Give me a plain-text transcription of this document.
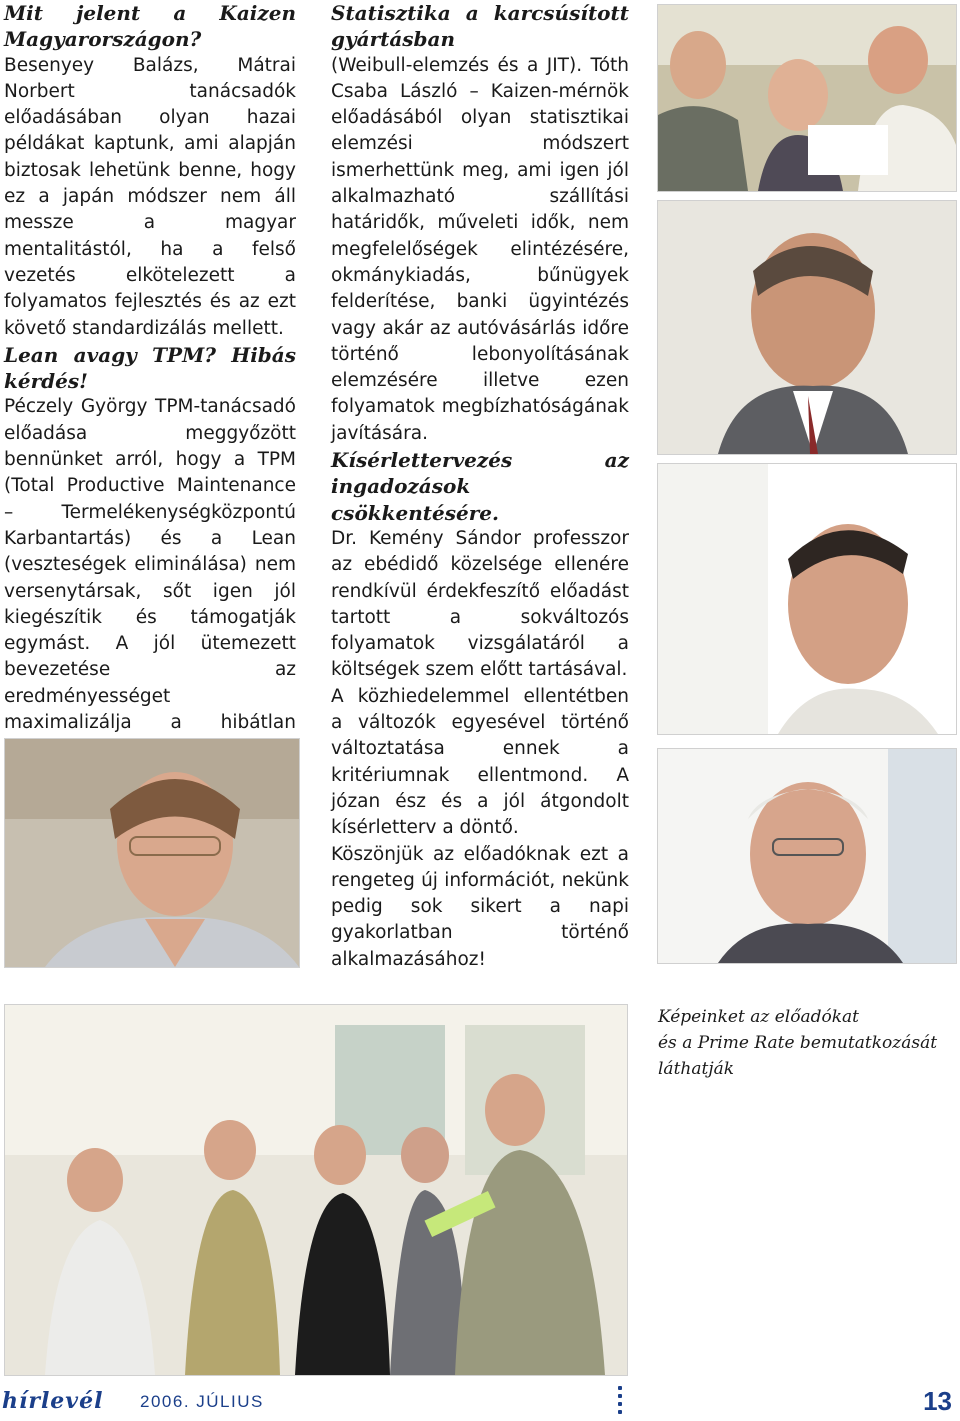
Mit jelent a Kaizen Magyarországon?

Besenyey Balázs, Mátrai Norbert tanácsadók előadásában olyan hazai példákat kaptunk, ami alapján biztosak lehetünk benne, hogy ez a japán módszer nem áll messze a magyar mentalitástól, ha a felső vezetés elkötelezett a folyamatos fejlesztés és az ezt követő standardizálás mellett.

Lean avagy TPM? Hibás kérdés!

Péczely György TPM-tanácsadó előadása meggyőzött bennünket arról, hogy a TPM (Total Productive Maintenance – Termelékenységközpontú Karbantartás) és a Lean (veszteségek eliminálása) nem versenytársak, sőt igen jól kiegészítik és támogatják egymást. A jól ütemezett bevezetése az eredményességet maximalizálja a hibátlan

Statisztika a karcsúsított gyártásban

(Weibull-elemzés és a JIT). Tóth Csaba László – Kaizen-mérnök előadásából olyan statisztikai elemzési módszert ismerhettünk meg, ami igen jól alkalmazható szállítási határidők, műveleti idők, nem megfelelőségek elintézésére, okmánykiadás, bűnügyek felderítése, banki ügyintézés vagy akár az autóvásárlás időre történő lebonyolításának elemzésére illetve ezen folyamatok megbízhatóságának javítására.

Kísérlettervezés az ingadozások csökkentésére.

Dr. Kemény Sándor professzor az ebédidő közelsége ellenére rendkívül érdekfeszítő előadást tartott a sokváltozós folyamatok vizsgálatáról a költségek szem előtt tartásával.

A közhiedelemmel ellentétben a változók egyesével történő változtatása ennek a kritériumnak ellentmond. A józan ész és a jól átgondolt kísérletterv a döntő.

Köszönjük az előadóknak ezt a rengeteg új információt, nekünk pedig sok sikert a napi gyakorlatban történő alkalmazásához!

Képeinket az előadókat
és a Prime Rate bemutatkozását
láthatják
hírlevél 2006. JÚLIUS	13
